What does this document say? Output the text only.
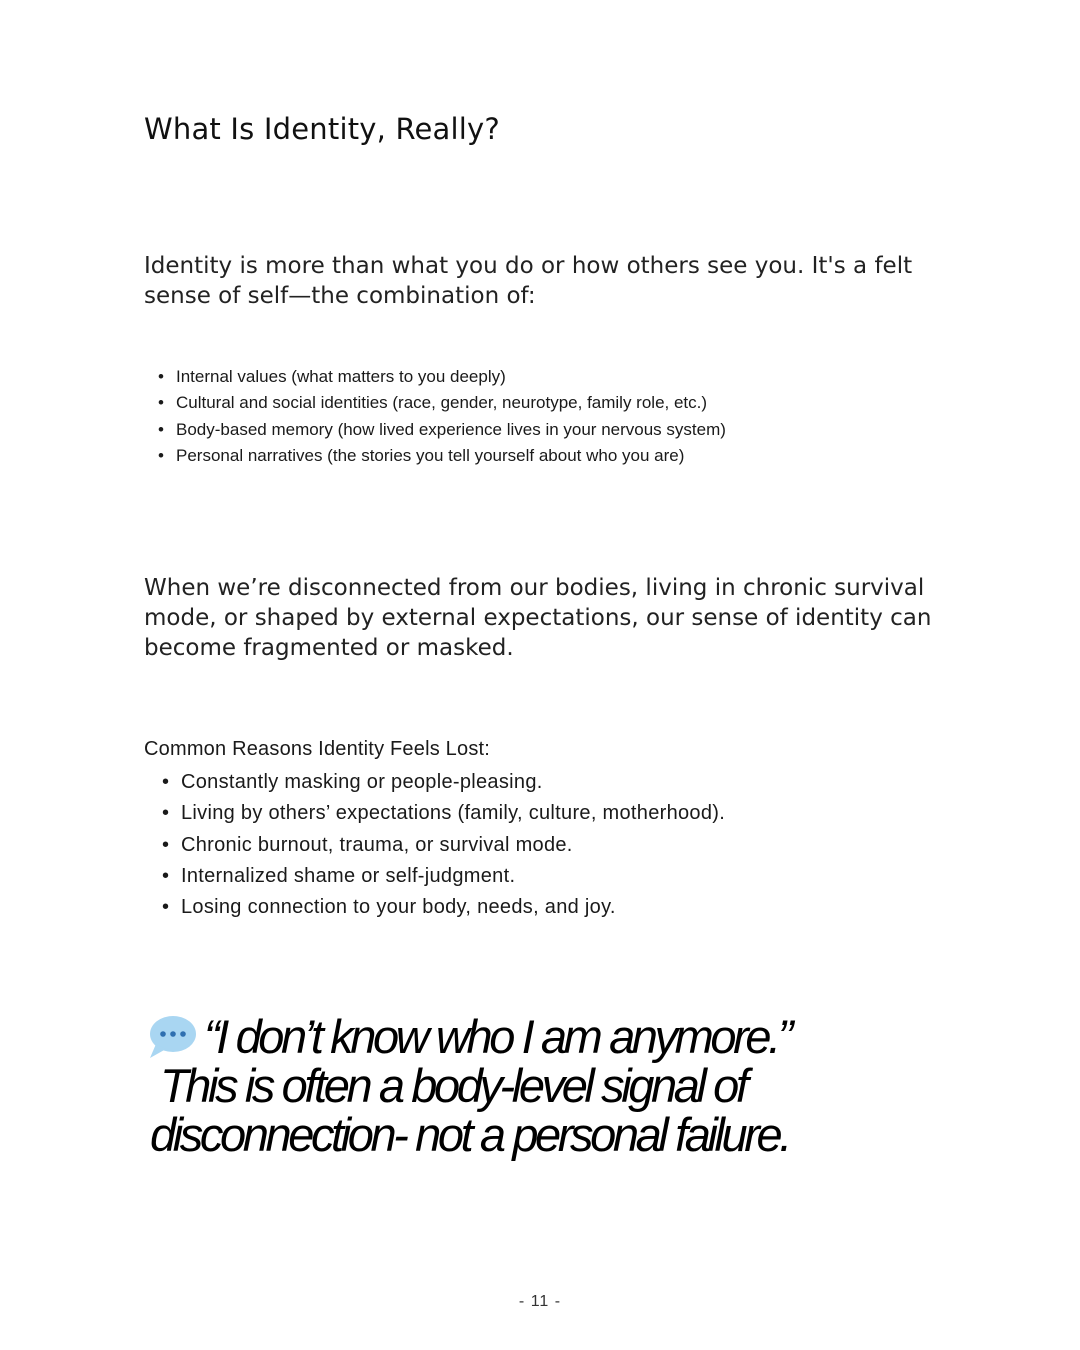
What Is Identity, Really?

Identity is more than what you do or how others see you. It's a felt sense of self—the combination of:

• Internal values (what matters to you deeply)
• Cultural and social identities (race, gender, neurotype, family role, etc.)
• Body-based memory (how lived experience lives in your nervous system)
• Personal narratives (the stories you tell yourself about who you are)

When we’re disconnected from our bodies, living in chronic survival mode, or shaped by external expectations, our sense of identity can become fragmented or masked.

Common Reasons Identity Feels Lost:

• Constantly masking or people-pleasing.
• Living by others’ expectations (family, culture, motherhood).
• Chronic burnout, trauma, or survival mode.
• Internalized shame or self-judgment.
• Losing connection to your body, needs, and joy.
“I don’t know who I am anymore.”
This is often a body-level signal of
disconnection- not a personal failure.
- 11 -
